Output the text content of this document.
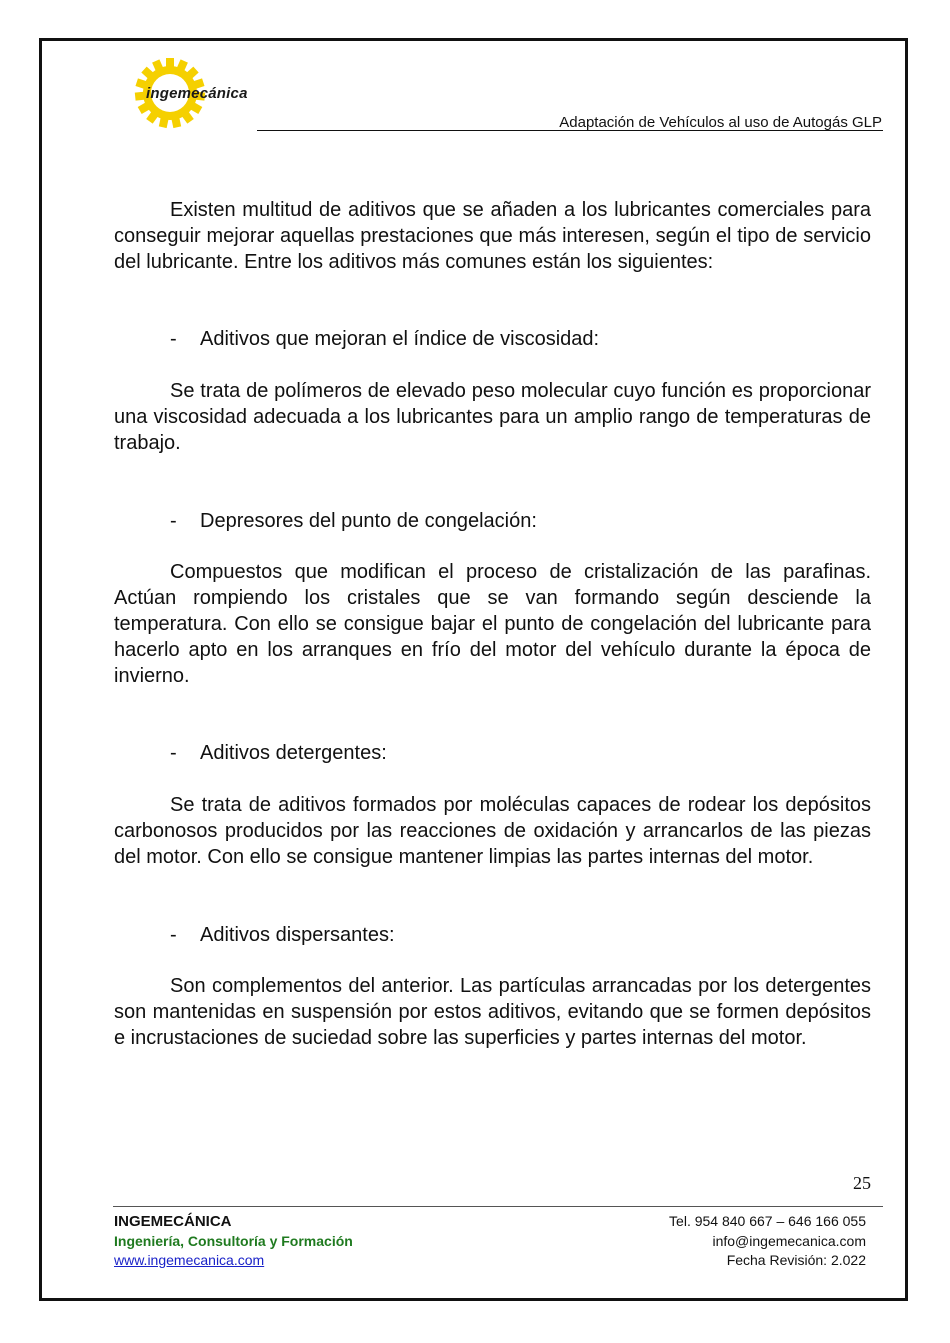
ingemecánica
Adaptación de Vehículos al uso de Autogás GLP

Existen multitud de aditivos que se añaden a los lubricantes comerciales para conseguir mejorar aquellas prestaciones que más interesen, según el tipo de servicio del lubricante. Entre los aditivos más comunes están los siguientes:

- Aditivos que mejoran el índice de viscosidad:

Se trata de polímeros de elevado peso molecular cuyo función es proporcionar una viscosidad adecuada a los lubricantes para un amplio rango de temperaturas de trabajo.

- Depresores del punto de congelación:

Compuestos que modifican el proceso de cristalización de las parafinas. Actúan rompiendo los cristales que se van formando según desciende la temperatura. Con ello se consigue bajar el punto de congelación del lubricante para hacerlo apto en los arranques en frío del motor del vehículo durante la época de invierno.

- Aditivos detergentes:

Se trata de aditivos formados por moléculas capaces de rodear los depósitos carbonosos producidos por las reacciones de oxidación y arrancarlos de las piezas del motor. Con ello se consigue mantener limpias las partes internas del motor.

- Aditivos dispersantes:

Son complementos del anterior. Las partículas arrancadas por los detergentes son mantenidas en suspensión por estos aditivos, evitando que se formen depósitos e incrustaciones de suciedad sobre las superficies y partes internas del motor.

25
INGEMECÁNICA
Ingeniería, Consultoría y Formación
www.ingemecanica.com
Tel. 954 840 667 – 646 166 055
info@ingemecanica.com
Fecha Revisión: 2.022
